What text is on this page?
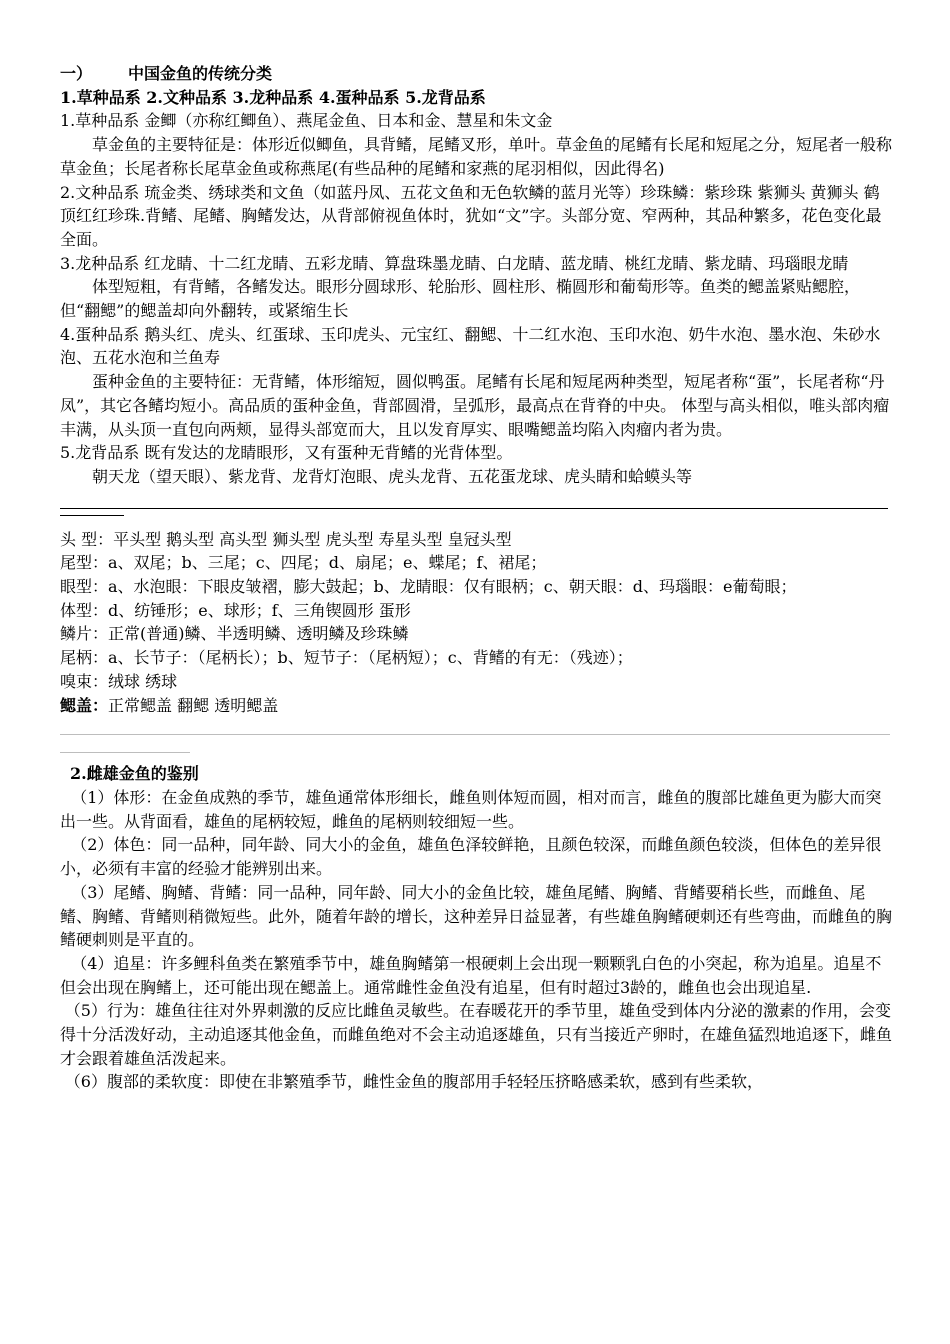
一） 中国金鱼的传统分类

1.草种品系 2.文种品系 3.龙种品系 4.蛋种品系 5.龙背品系

1.草种品系 金鲫（亦称红鲫鱼）、燕尾金鱼、日本和金、慧星和朱文金

草金鱼的主要特征是：体形近似鲫鱼，具背鳍，尾鳍叉形，单叶。草金鱼的尾鳍有长尾和短尾之分，短尾者一般称草金鱼；长尾者称长尾草金鱼或称燕尾(有些品种的尾鳍和家燕的尾羽相似，因此得名)

2.文种品系 琉金类、绣球类和文鱼（如蓝丹凤、五花文鱼和无色软鳞的蓝月光等）珍珠鳞：紫珍珠 紫狮头 黄狮头 鹤顶红红珍珠.背鳍、尾鳍、胸鳍发达，从背部俯视鱼体时，犹如“文”字。头部分宽、窄两种，其品种繁多，花色变化最全面。

3.龙种品系 红龙睛、十二红龙睛、五彩龙睛、算盘珠墨龙睛、白龙睛、蓝龙睛、桃红龙睛、紫龙睛、玛瑙眼龙睛

体型短粗，有背鳍，各鳍发达。眼形分圆球形、轮胎形、圆柱形、椭圆形和葡萄形等。鱼类的鳃盖紧贴鳃腔，但“翻鳃”的鳃盖却向外翻转，或紧缩生长

4.蛋种品系 鹅头红、虎头、红蛋球、玉印虎头、元宝红、翻鳃、十二红水泡、玉印水泡、奶牛水泡、墨水泡、朱砂水泡、五花水泡和兰鱼寿

蛋种金鱼的主要特征：无背鳍，体形缩短，圆似鸭蛋。尾鳍有长尾和短尾两种类型，短尾者称“蛋”，长尾者称“丹凤”，其它各鳍均短小。高品质的蛋种金鱼，背部圆滑，呈弧形，最高点在背脊的中央。 体型与高头相似，唯头部肉瘤丰满，从头顶一直包向两颊，显得头部宽而大，且以发育厚实、眼嘴鳃盖均陷入肉瘤内者为贵。

5.龙背品系 既有发达的龙睛眼形，又有蛋种无背鳍的光背体型。

朝天龙（望天眼）、紫龙背、龙背灯泡眼、虎头龙背、五花蛋龙球、虎头睛和蛤蟆头等

头 型：平头型 鹅头型 高头型 狮头型 虎头型 寿星头型 皇冠头型

尾型：a、双尾；b、三尾；c、四尾；d、扇尾；e、蝶尾；f、裙尾；

眼型：a、水泡眼：下眼皮皱褶，膨大鼓起；b、龙睛眼：仅有眼柄；c、朝天眼：d、玛瑙眼：e葡萄眼；

体型：d、纺锤形；e、球形；f、三角锲圆形 蛋形

鳞片：正常(普通)鳞、半透明鳞、透明鳞及珍珠鳞

尾柄：a、长节子：（尾柄长）；b、短节子：（尾柄短）；c、背鳍的有无：（残迹）；

嗅束：绒球 绣球

鳃盖：正常鳃盖 翻鳃 透明鳃盖

2.雌雄金鱼的鉴别

（1）体形：在金鱼成熟的季节，雄鱼通常体形细长，雌鱼则体短而圆，相对而言，雌鱼的腹部比雄鱼更为膨大而突出一些。从背面看，雄鱼的尾柄较短，雌鱼的尾柄则较细短一些。

（2）体色：同一品种，同年龄、同大小的金鱼，雄鱼色泽较鲜艳，且颜色较深，而雌鱼颜色较淡，但体色的差异很小，必须有丰富的经验才能辨别出来。

（3）尾鳍、胸鳍、背鳍：同一品种，同年龄、同大小的金鱼比较，雄鱼尾鳍、胸鳍、背鳍要稍长些，而雌鱼、尾鳍、胸鳍、背鳍则稍微短些。此外，随着年龄的增长，这种差异日益显著，有些雄鱼胸鳍硬刺还有些弯曲，而雌鱼的胸鳍硬刺则是平直的。

（4）追星：许多鲤科鱼类在繁殖季节中，雄鱼胸鳍第一根硬刺上会出现一颗颗乳白色的小突起，称为追星。追星不但会出现在胸鳍上，还可能出现在鳃盖上。通常雌性金鱼没有追星，但有时超过3龄的，雌鱼也会出现追星.

（5）行为：雄鱼往往对外界刺激的反应比雌鱼灵敏些。在春暖花开的季节里，雄鱼受到体内分泌的激素的作用，会变得十分活泼好动，主动追逐其他金鱼，而雌鱼绝对不会主动追逐雄鱼，只有当接近产卵时，在雄鱼猛烈地追逐下，雌鱼才会跟着雄鱼活泼起来。

（6）腹部的柔软度：即使在非繁殖季节，雌性金鱼的腹部用手轻轻压挤略感柔软，感到有些柔软，
